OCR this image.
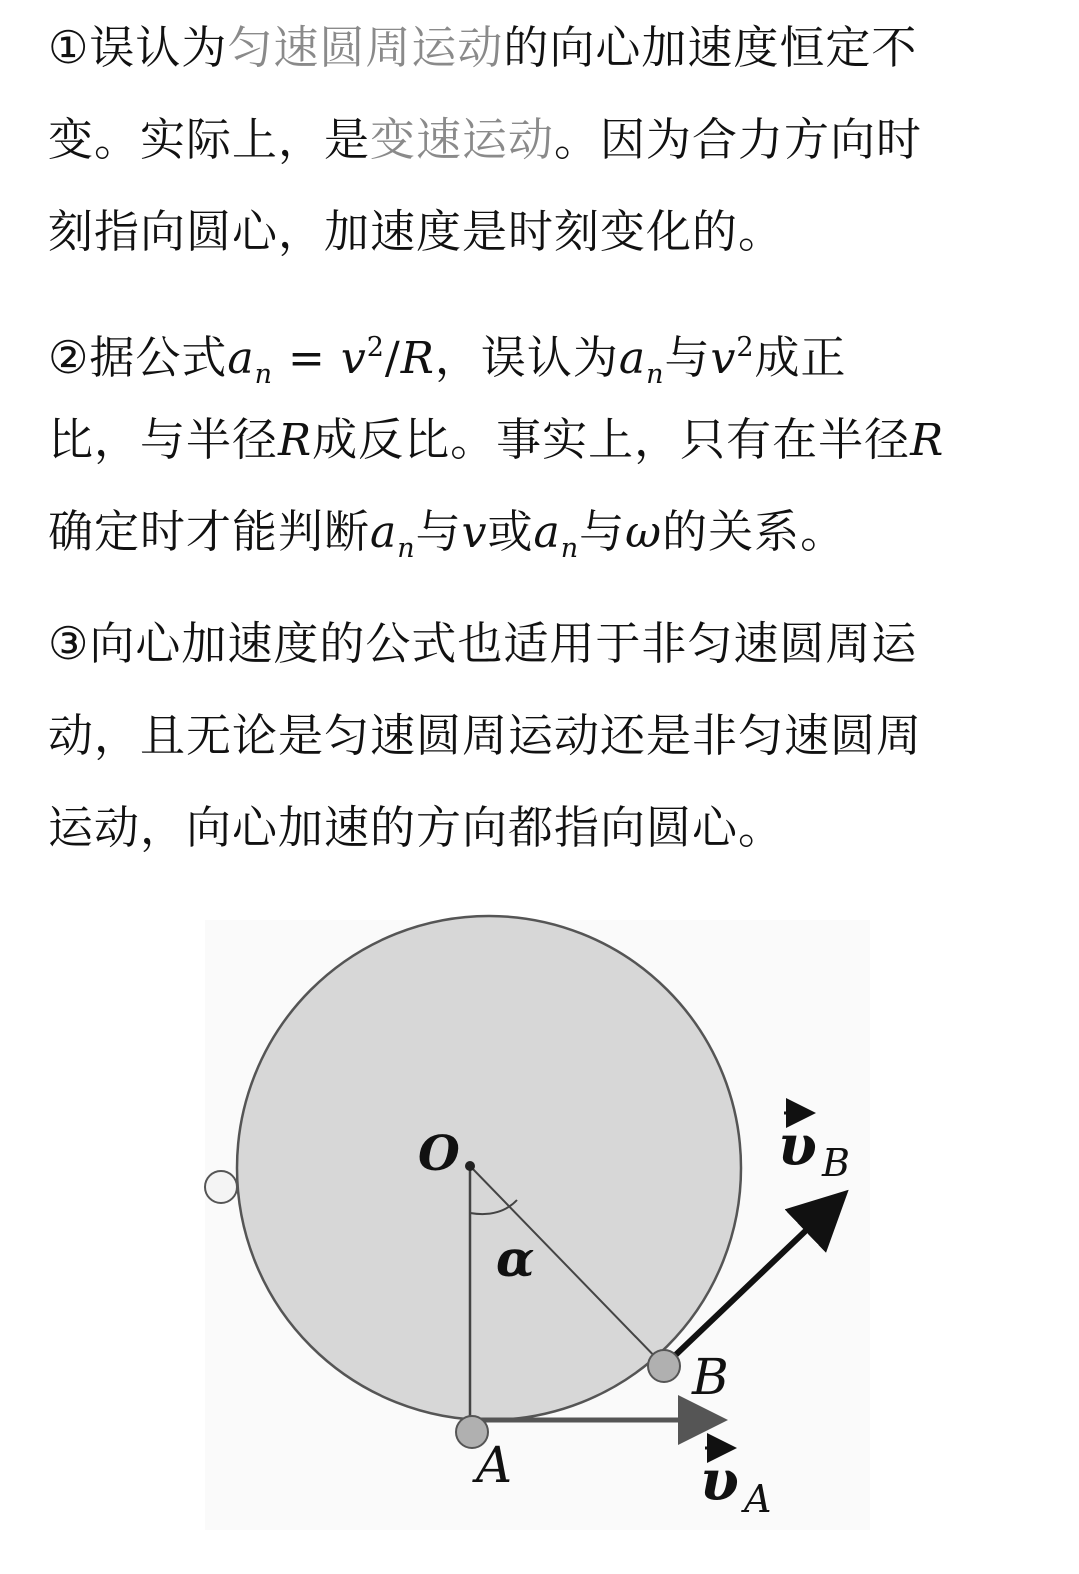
①误认为匀速圆周运动的向心加速度恒定不
变。实际上，是变速运动。因为合力方向时
刻指向圆心，加速度是时刻变化的。
②据公式$a_n = v^2/R$，误认为$a_n$与$v^2$成正
比，与半径R成反比。事实上，只有在半径R
确定时才能判断$a_n$与v或$a_n$与ω的关系。
③向心加速度的公式也适用于非匀速圆周运
动，且无论是匀速圆周运动还是非匀速圆周
运动，向心加速的方向都指向圆心。
O
α
B
A
υ B
υ A
